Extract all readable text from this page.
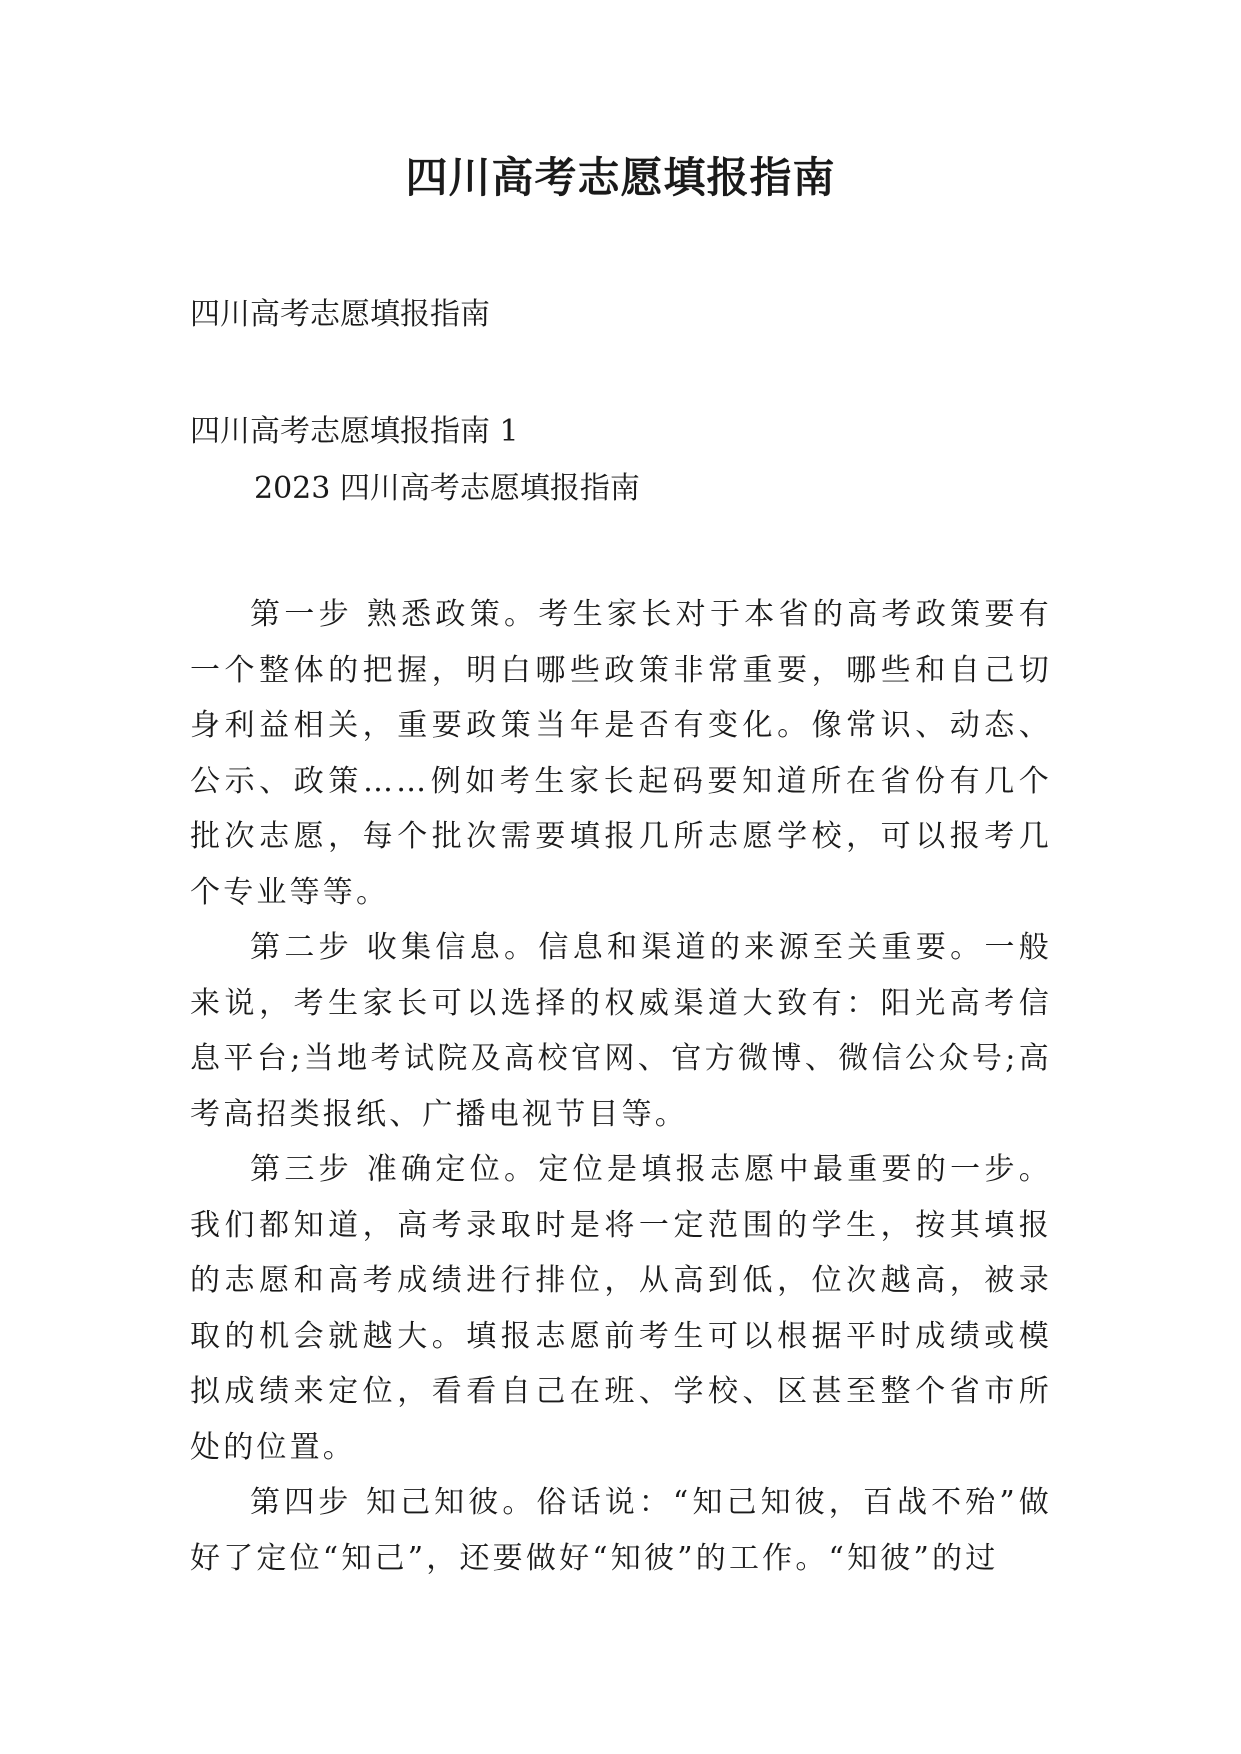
四川高考志愿填报指南

四川高考志愿填报指南

四川高考志愿填报指南 1

2023 四川高考志愿填报指南

第一步 熟悉政策。考生家长对于本省的高考政策要有一个整体的把握，明白哪些政策非常重要，哪些和自己切身利益相关，重要政策当年是否有变化。像常识、动态、公示、政策……例如考生家长起码要知道所在省份有几个批次志愿，每个批次需要填报几所志愿学校，可以报考几个专业等等。

第二步 收集信息。信息和渠道的来源至关重要。一般来说，考生家长可以选择的权威渠道大致有：阳光高考信息平台;当地考试院及高校官网、官方微博、微信公众号;高考高招类报纸、广播电视节目等。

第三步 准确定位。定位是填报志愿中最重要的一步。我们都知道，高考录取时是将一定范围的学生，按其填报的志愿和高考成绩进行排位，从高到低，位次越高，被录取的机会就越大。填报志愿前考生可以根据平时成绩或模拟成绩来定位，看看自己在班、学校、区甚至整个省市所处的位置。

第四步 知己知彼。俗话说：“知己知彼，百战不殆”做好了定位“知己”，还要做好“知彼”的工作。“知彼”的过
